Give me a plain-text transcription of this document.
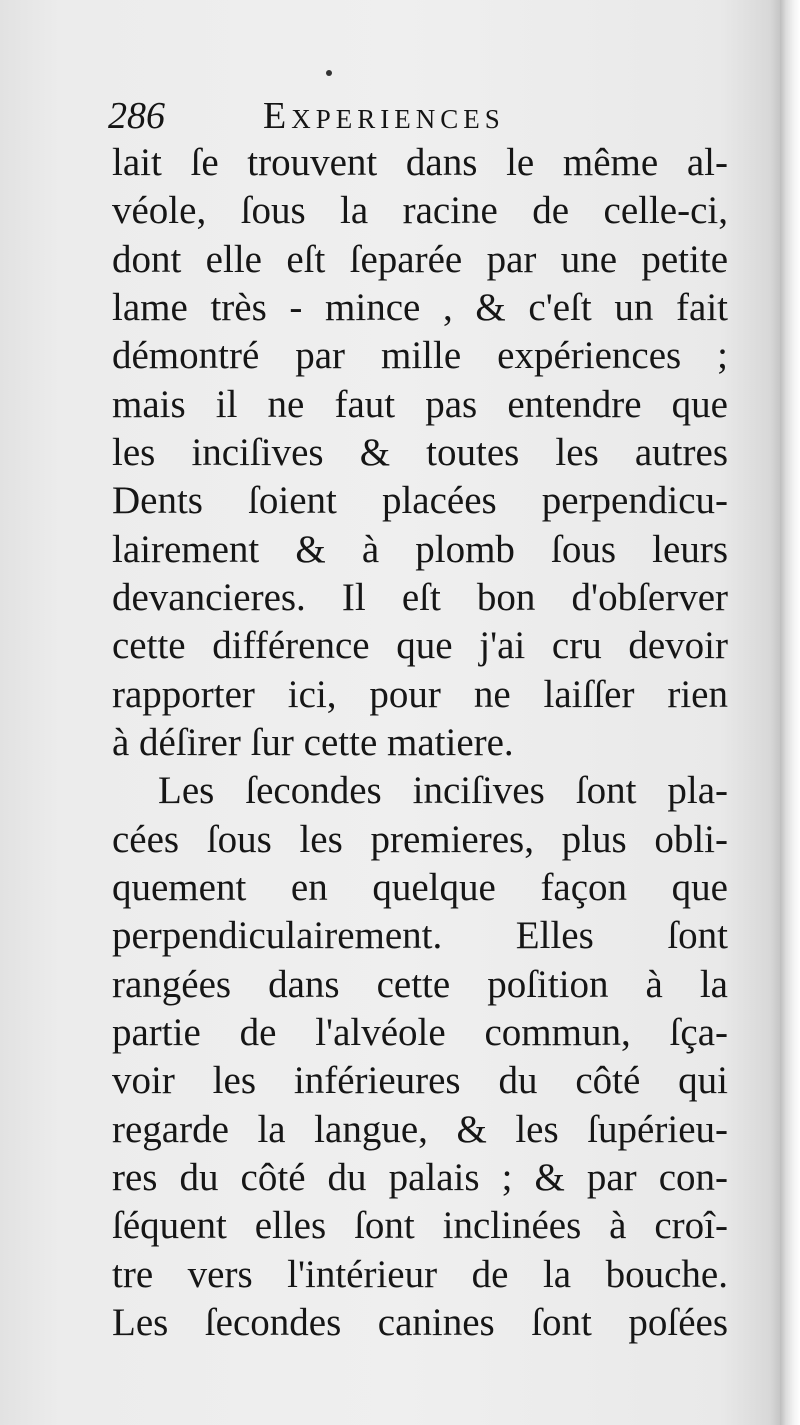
286	Experiences
lait ſe trouvent dans le même al-
véole, ſous la racine de celle-ci,
dont elle eſt ſeparée par une petite
lame très - mince , & c'eſt un fait
démontré par mille expériences ;
mais il ne faut pas entendre que
les inciſives & toutes les autres
Dents ſoient placées perpendicu-
lairement & à plomb ſous leurs
devancieres. Il eſt bon d'obſerver
cette différence que j'ai cru devoir
rapporter ici, pour ne laiſſer rien
à déſirer ſur cette matiere.
Les ſecondes inciſives ſont pla-
cées ſous les premieres, plus obli-
quement en quelque façon que
perpendiculairement. Elles ſont
rangées dans cette poſition à la
partie de l'alvéole commun, ſça-
voir les inférieures du côté qui
regarde la langue, & les ſupérieu-
res du côté du palais ; & par con-
ſéquent elles ſont inclinées à croî-
tre vers l'intérieur de la bouche.
Les ſecondes canines ſont poſées
